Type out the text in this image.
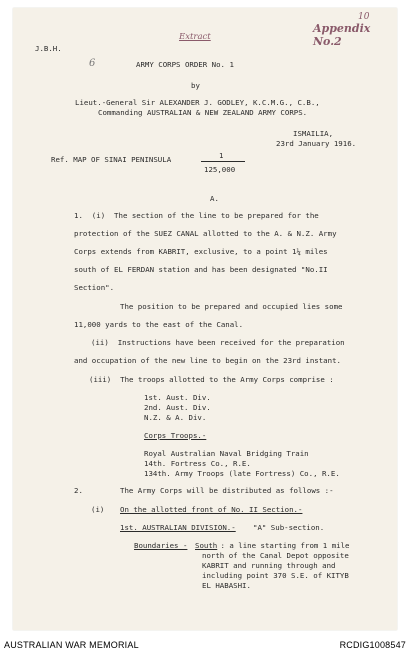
10
Appendix No.2
Extract
6
J.B.H.
ARMY CORPS ORDER No. 1
by
Lieut.-General Sir ALEXANDER J. GODLEY, K.C.M.G., C.B.,
Commanding AUSTRALIAN & NEW ZEALAND ARMY CORPS.
ISMAILIA,
23rd January 1916.
Ref. MAP OF SINAI PENINSULA	1
125,000
A.
1.  (i)  The section of the line to be prepared for the
protection of the SUEZ CANAL allotted to the A. & N.Z. Army
Corps extends from KABRIT, exclusive, to a point 1¼ miles
south of EL FERDAN station and has been designated "No.II
Section".
The position to be prepared and occupied lies some
11,000 yards to the east of the Canal.
(ii)  Instructions have been received for the preparation
and occupation of the new line to begin on the 23rd instant.
(iii)  The troops allotted to the Army Corps comprise :
1st. Aust. Div.
2nd. Aust. Div.
N.Z. & A. Div.
Corps Troops.-
Royal Australian Naval Bridging Train
14th. Fortress Co., R.E.
134th. Army Troops (late Fortress) Co., R.E.
2.	The Army Corps will be distributed as follows :-
(i) On the allotted front of No. II Section.-
1st. AUSTRALIAN DIVISION.- "A" Sub-section.
Boundaries - South
: a line starting from 1 mile
north of the Canal Depot opposite
KABRIT and running through and
including point 370 S.E. of KITYB
EL HABASHI.
AUSTRALIAN WAR MEMORIAL	RCDIG1008547
